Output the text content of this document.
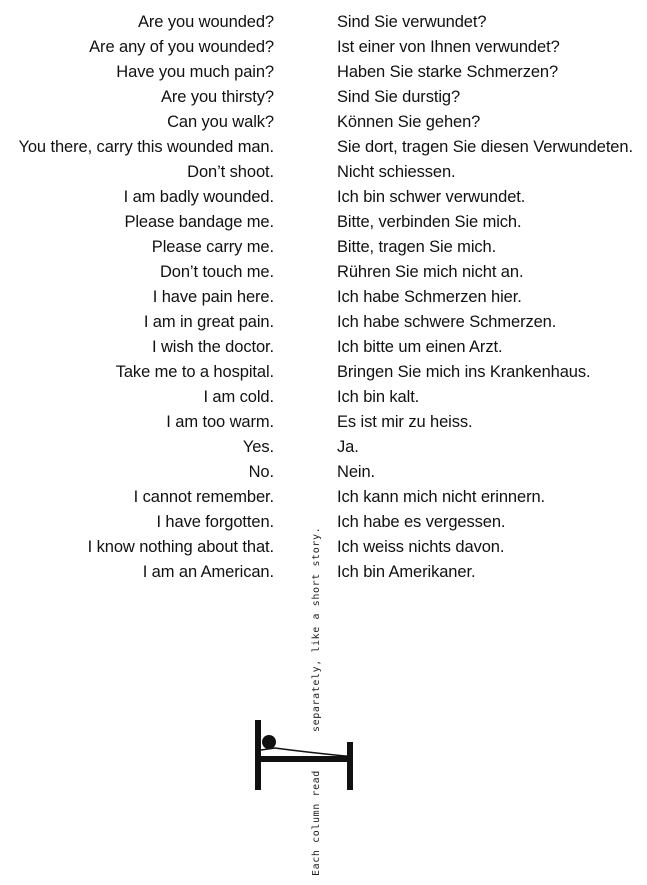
Are you wounded?
Are any of you wounded?
Have you much pain?
Are you thirsty?
Can you walk?
You there, carry this wounded man.
Don’t shoot.
I am badly wounded.
Please bandage me.
Please carry me.
Don’t touch me.
I have pain here.
I am in great pain.
I wish the doctor.
Take me to a hospital.
I am cold.
I am too warm.
Yes.
No.
I cannot remember.
I have forgotten.
I know nothing about that.
I am an American.
Sind Sie verwundet?
Ist einer von Ihnen verwundet?
Haben Sie starke Schmerzen?
Sind Sie durstig?
Können Sie gehen?
Sie dort, tragen Sie diesen Verwundeten.
Nicht schiessen.
Ich bin schwer verwundet.
Bitte, verbinden Sie mich.
Bitte, tragen Sie mich.
Rühren Sie mich nicht an.
Ich habe Schmerzen hier.
Ich habe schwere Schmerzen.
Ich bitte um einen Arzt.
Bringen Sie mich ins Krankenhaus.
Ich bin kalt.
Es ist mir zu heiss.
Ja.
Nein.
Ich kann mich nicht erinnern.
Ich habe es vergessen.
Ich weiss nichts davon.
Ich bin Amerikaner.
separately, like a short story.
Each column read
